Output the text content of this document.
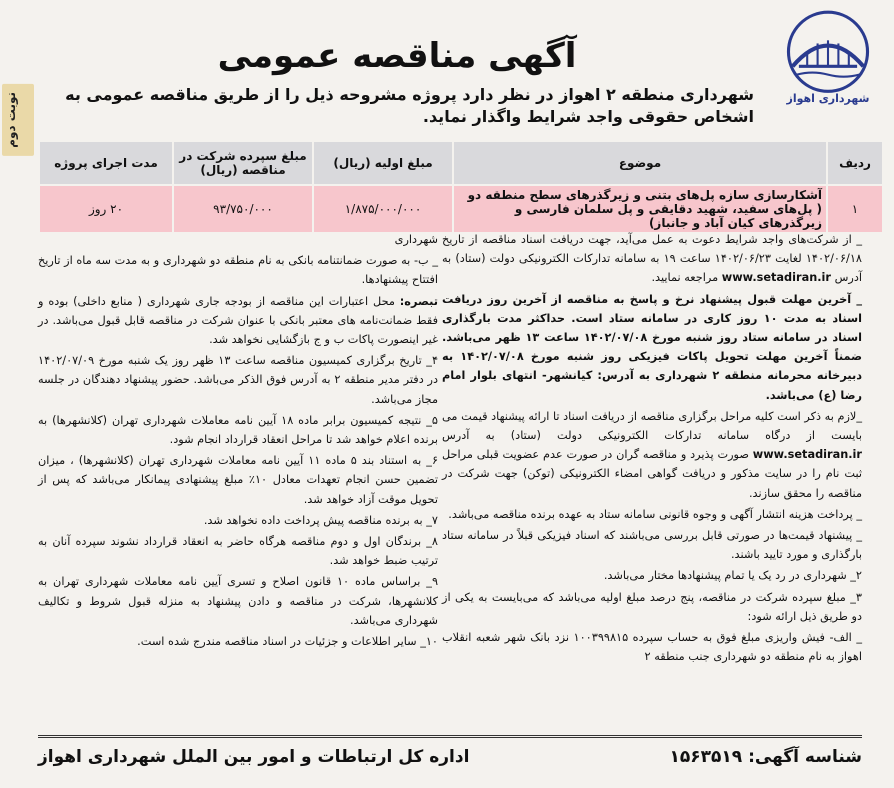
شهرداری اهواز
نوبت دوم
آگهی مناقصه عمومی
شهرداری منطقه ۲ اهواز در نظر دارد پروژه مشروحه ذیل را از طریق مناقصه عمومی به اشخاص حقوقی واجد شرایط واگذار نماید.
ردیف	موضوع	مبلغ اولیه (ریال)	مبلغ سپرده شرکت در مناقصه (ریال)	مدت اجرای پروژه
۱	آشکارسازی سازه پل‌های بتنی و زیرگذرهای سطح منطقه دو ( پل‌های سفید، شهید دقایقی و پل سلمان فارسی و زیرگذرهای کیان آباد و جانباز)	۱/۸۷۵/۰۰۰/۰۰۰	۹۳/۷۵۰/۰۰۰	۲۰ روز

_ از شرکت‌های واجد شرایط دعوت به عمل می‌آید، جهت دریافت اسناد مناقصه از تاریخ ۱۴۰۲/۰۶/۱۸ لغایت ۱۴۰۲/۰۶/۲۳ ساعت ۱۹ به سامانه تدارکات الکترونیکی دولت (ستاد) به آدرس www.setadiran.ir مراجعه نمایید.

_ آخرین مهلت قبول پیشنهاد نرخ و پاسخ به مناقصه از آخرین روز دریافت اسناد به مدت ۱۰ روز کاری در سامانه ستاد است. حداکثر مدت بارگذاری اسناد در سامانه ستاد روز شنبه مورخ ۱۴۰۲/۰۷/۰۸ ساعت ۱۳ ظهر می‌باشد. ضمناً آخرین مهلت تحویل پاکات فیزیکی روز شنبه مورخ ۱۴۰۲/۰۷/۰۸ به دبیرخانه محرمانه منطقه ۲ شهرداری به آدرس: کیانشهر- انتهای بلوار امام رضا (ع) می‌باشد.

_لازم به ذکر است کلیه مراحل برگزاری مناقصه از دریافت اسناد تا ارائه پیشنهاد قیمت می بایست از درگاه سامانه تدارکات الکترونیکی دولت (ستاد) به آدرس www.setadiran.ir صورت پذیرد و مناقصه گران در صورت عدم عضویت قبلی مراحل ثبت نام را در سایت مذکور و دریافت گواهی امضاء الکترونیکی (توکن) جهت شرکت در مناقصه را محقق سازند.

_ پرداخت هزینه انتشار آگهی و وجوه قانونی سامانه ستاد به عهده برنده مناقصه می‌باشد.

_ پیشنهاد قیمت‌ها در صورتی قابل بررسی می‌باشند که اسناد فیزیکی قبلاً در سامانه ستاد بارگذاری و مورد تایید باشند.

۲_ شهرداری در رد یک یا تمام پیشنهادها مختار می‌باشد.

۳_ مبلغ سپرده شرکت در مناقصه، پنج درصد مبلغ اولیه می‌باشد که می‌بایست به یکی از دو طریق ذیل ارائه شود:

_ الف- فیش واریزی مبلغ فوق به حساب سپرده ۱۰۰۳۹۹۸۱۵ نزد بانک شهر شعبه انقلاب اهواز به نام منطقه دو شهرداری جنب منطقه ۲

شهرداری

_ ب- به صورت ضمانتنامه بانکی به نام منطقه دو شهرداری و به مدت سه ماه از تاریخ افتتاح پیشنهادها.

تبصره: محل اعتبارات این مناقصه از بودجه جاری شهرداری ( منابع داخلی) بوده و فقط ضمانت‌نامه های معتبر بانکی با عنوان شرکت در مناقصه قابل قبول می‌باشد. در غیر اینصورت پاکات ب و ج بازگشایی نخواهد شد.

۴_ تاریخ برگزاری کمیسیون مناقصه ساعت ۱۳ ظهر روز یک شنبه مورخ ۱۴۰۲/۰۷/۰۹ در دفتر مدیر منطقه ۲ به آدرس فوق الذکر می‌باشد. حضور پیشنهاد دهندگان در جلسه مجاز می‌باشد.

۵_ نتیجه کمیسیون برابر ماده ۱۸ آیین نامه معاملات شهرداری تهران (کلانشهرها) به برنده اعلام خواهد شد تا مراحل انعقاد قرارداد انجام شود.

۶_ به استناد بند ۵ ماده ۱۱ آیین نامه معاملات شهرداری تهران (کلانشهرها) ، میزان تضمین حسن انجام تعهدات معادل ۱۰٪ مبلغ پیشنهادی پیمانکار می‌باشد که پس از تحویل موقت آزاد خواهد شد.

۷_ به برنده مناقصه پیش پرداخت داده نخواهد شد.

۸_ برندگان اول و دوم مناقصه هرگاه حاضر به انعقاد قرارداد نشوند سپرده آنان به ترتیب ضبط خواهد شد.

۹_ براساس ماده ۱۰ قانون اصلاح و تسری آیین نامه معاملات شهرداری تهران به کلانشهرها، شرکت در مناقصه و دادن پیشنهاد به منزله قبول شروط و تکالیف شهرداری می‌باشد.

۱۰_ سایر اطلاعات و جزئیات در اسناد مناقصه مندرج شده است.

شناسه آگهی: ۱۵۶۳۵۱۹
اداره کل ارتباطات و امور بین الملل شهرداری اهواز
